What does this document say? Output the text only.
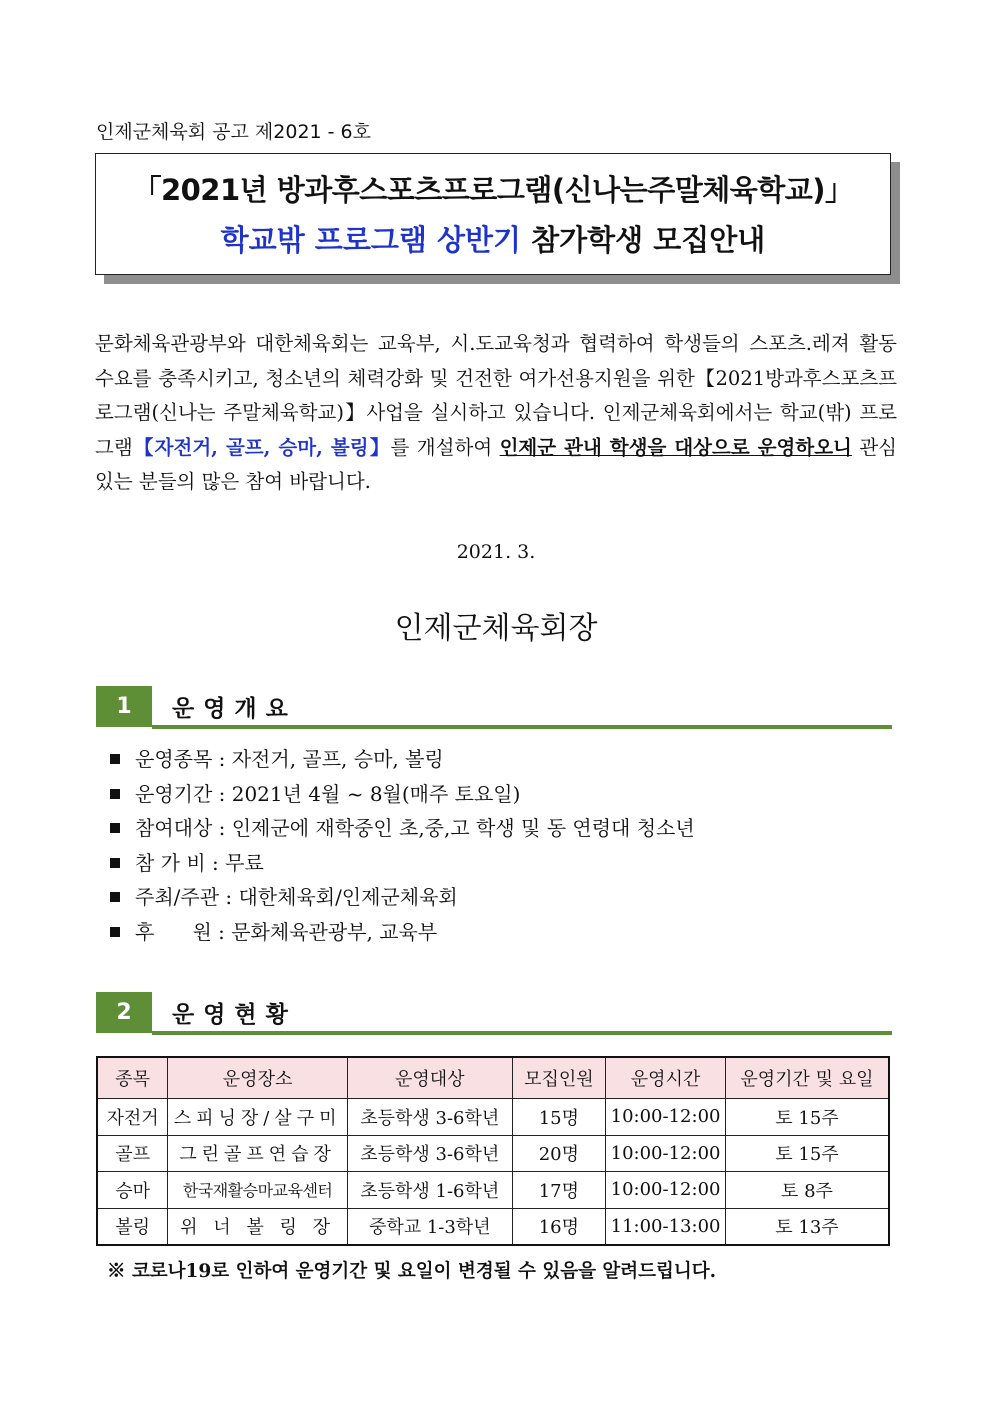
인제군체육회 공고 제2021 - 6호
「2021년 방과후스포츠프로그램(신나는주말체육학교)」
학교밖 프로그램 상반기 참가학생 모집안내
문화체육관광부와 대한체육회는 교육부, 시.도교육청과 협력하여 학생들의 스포츠.레져 활동 수요를 충족시키고, 청소년의 체력강화 및 건전한 여가선용지원을 위한【2021방과후스포츠프로그램(신나는 주말체육학교)】사업을 실시하고 있습니다. 인제군체육회에서는 학교(밖) 프로그램【자전거, 골프, 승마, 볼링】를 개설하여 인제군 관내 학생을 대상으로 운영하오니 관심 있는 분들의 많은 참여 바랍니다.
2021. 3.
인제군체육회장
1	운영개요
운영종목 : 자전거, 골프, 승마, 볼링
운영기간 : 2021년 4월 ~ 8월(매주 토요일)
참여대상 : 인제군에 재학중인 초,중,고 학생 및 동 연령대 청소년
참 가 비 : 무료
주최/주관 : 대한체육회/인제군체육회
후      원 : 문화체육관광부, 교육부
2	운영현황
종목	운영장소	운영대상	모집인원	운영시간	운영기간 및 요일
자전거	스피닝장/살구미	초등학생 3-6학년	15명	10:00-12:00	토 15주
골프	그린골프연습장	초등학생 3-6학년	20명	10:00-12:00	토 15주
승마	한국재활승마교육센터	초등학생 1-6학년	17명	10:00-12:00	토 8주
볼링	위 너 볼 링 장	중학교 1-3학년	16명	11:00-13:00	토 13주
※ 코로나19로 인하여 운영기간 및 요일이 변경될 수 있음을 알려드립니다.
